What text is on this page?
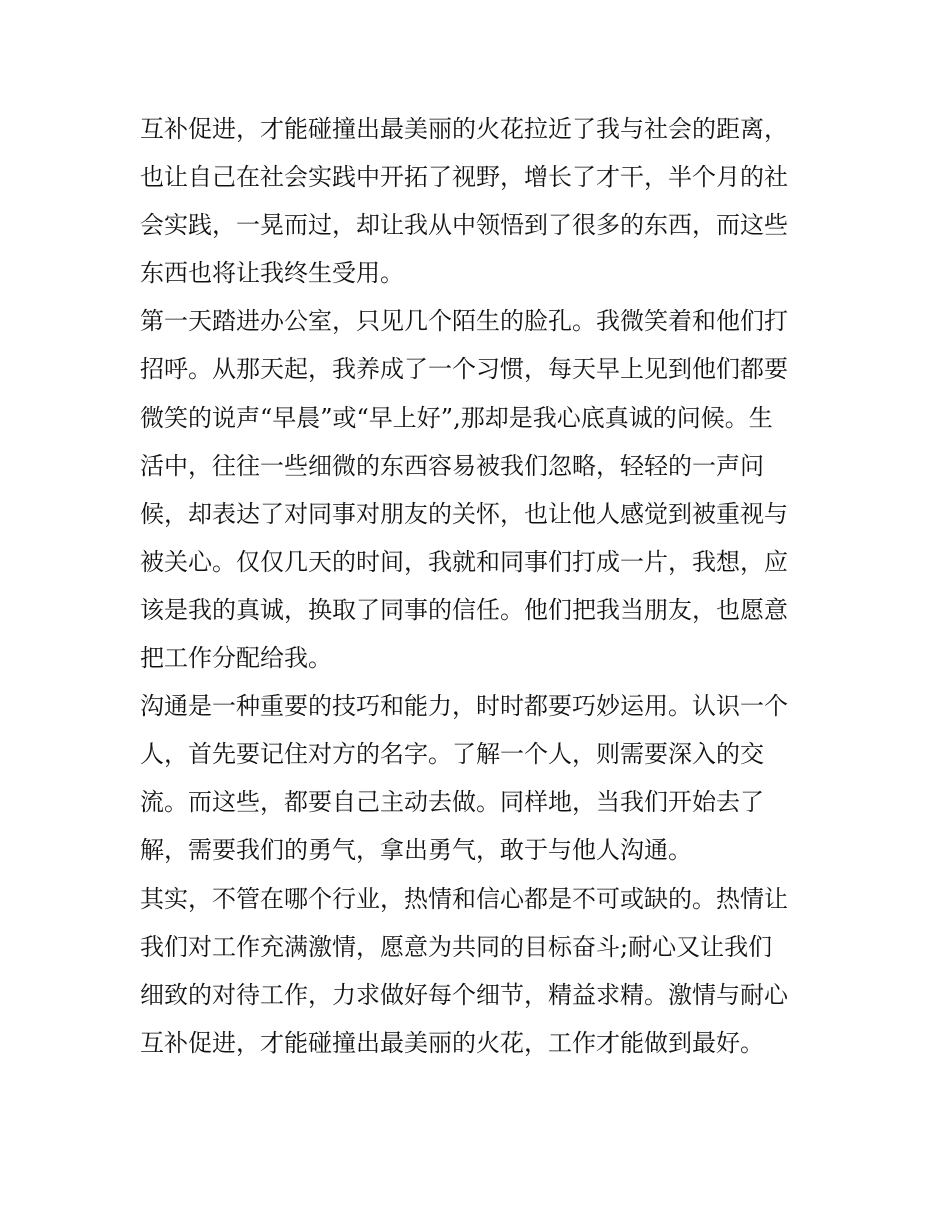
互补促进，才能碰撞出最美丽的火花拉近了我与社会的距离，
也让自己在社会实践中开拓了视野，增长了才干，半个月的社
会实践，一晃而过，却让我从中领悟到了很多的东西，而这些
东西也将让我终生受用。
第一天踏进办公室，只见几个陌生的脸孔。我微笑着和他们打
招呼。从那天起，我养成了一个习惯，每天早上见到他们都要
微笑的说声“早晨”或“早上好”,那却是我心底真诚的问候。生
活中，往往一些细微的东西容易被我们忽略，轻轻的一声问
候，却表达了对同事对朋友的关怀，也让他人感觉到被重视与
被关心。仅仅几天的时间，我就和同事们打成一片，我想，应
该是我的真诚，换取了同事的信任。他们把我当朋友，也愿意
把工作分配给我。
沟通是一种重要的技巧和能力，时时都要巧妙运用。认识一个
人，首先要记住对方的名字。了解一个人，则需要深入的交
流。而这些，都要自己主动去做。同样地，当我们开始去了
解，需要我们的勇气，拿出勇气，敢于与他人沟通。
其实，不管在哪个行业，热情和信心都是不可或缺的。热情让
我们对工作充满激情，愿意为共同的目标奋斗;耐心又让我们
细致的对待工作，力求做好每个细节，精益求精。激情与耐心
互补促进，才能碰撞出最美丽的火花，工作才能做到最好。
